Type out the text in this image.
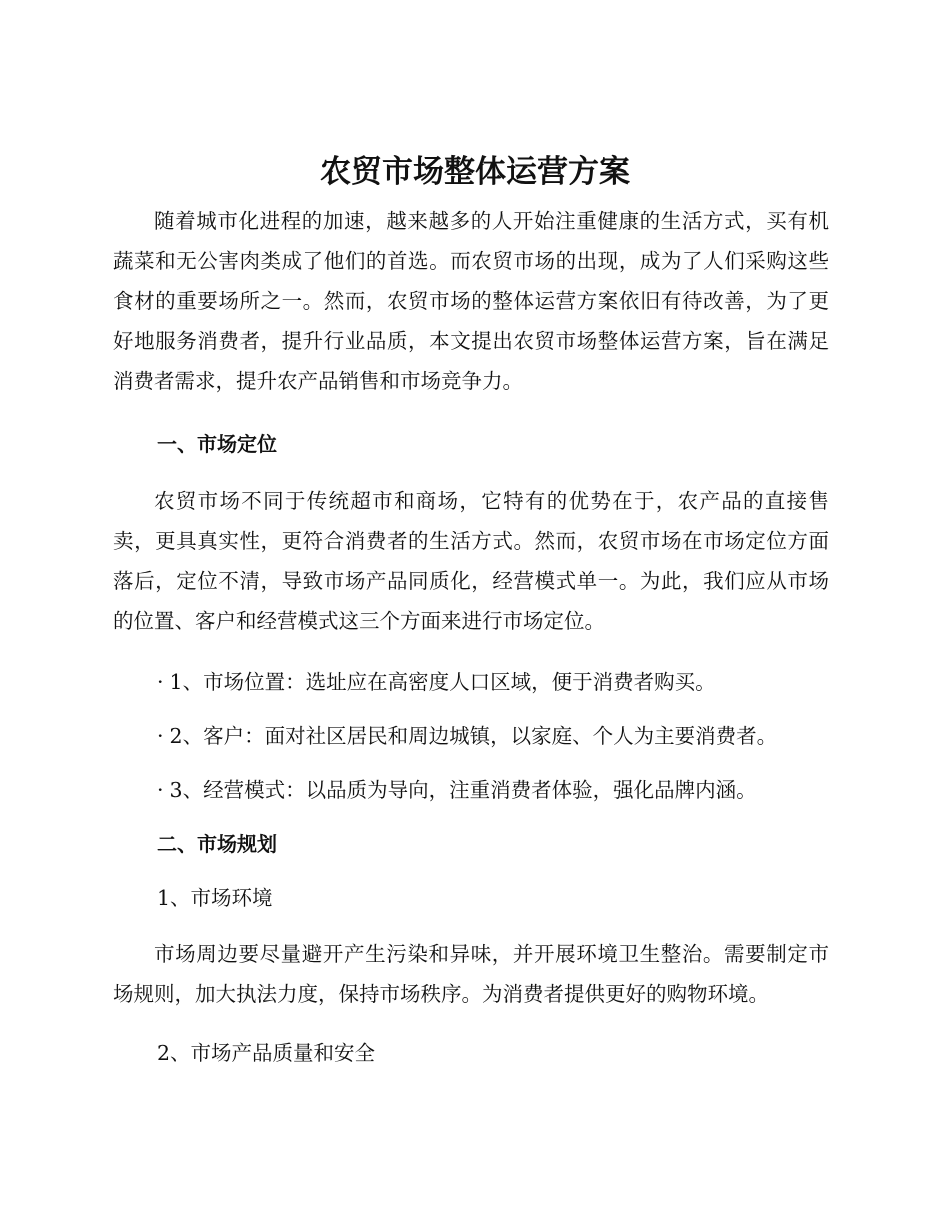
农贸市场整体运营方案

随着城市化进程的加速，越来越多的人开始注重健康的生活方式，买有机蔬菜和无公害肉类成了他们的首选。而农贸市场的出现，成为了人们采购这些食材的重要场所之一。然而，农贸市场的整体运营方案依旧有待改善，为了更好地服务消费者，提升行业品质，本文提出农贸市场整体运营方案，旨在满足消费者需求，提升农产品销售和市场竞争力。

一、市场定位

农贸市场不同于传统超市和商场，它特有的优势在于，农产品的直接售卖，更具真实性，更符合消费者的生活方式。然而，农贸市场在市场定位方面落后，定位不清，导致市场产品同质化，经营模式单一。为此，我们应从市场的位置、客户和经营模式这三个方面来进行市场定位。

· 1、市场位置：选址应在高密度人口区域，便于消费者购买。
· 2、客户：面对社区居民和周边城镇，以家庭、个人为主要消费者。
· 3、经营模式：以品质为导向，注重消费者体验，强化品牌内涵。
二、市场规划
1、市场环境

市场周边要尽量避开产生污染和异味，并开展环境卫生整治。需要制定市场规则，加大执法力度，保持市场秩序。为消费者提供更好的购物环境。

2、市场产品质量和安全
